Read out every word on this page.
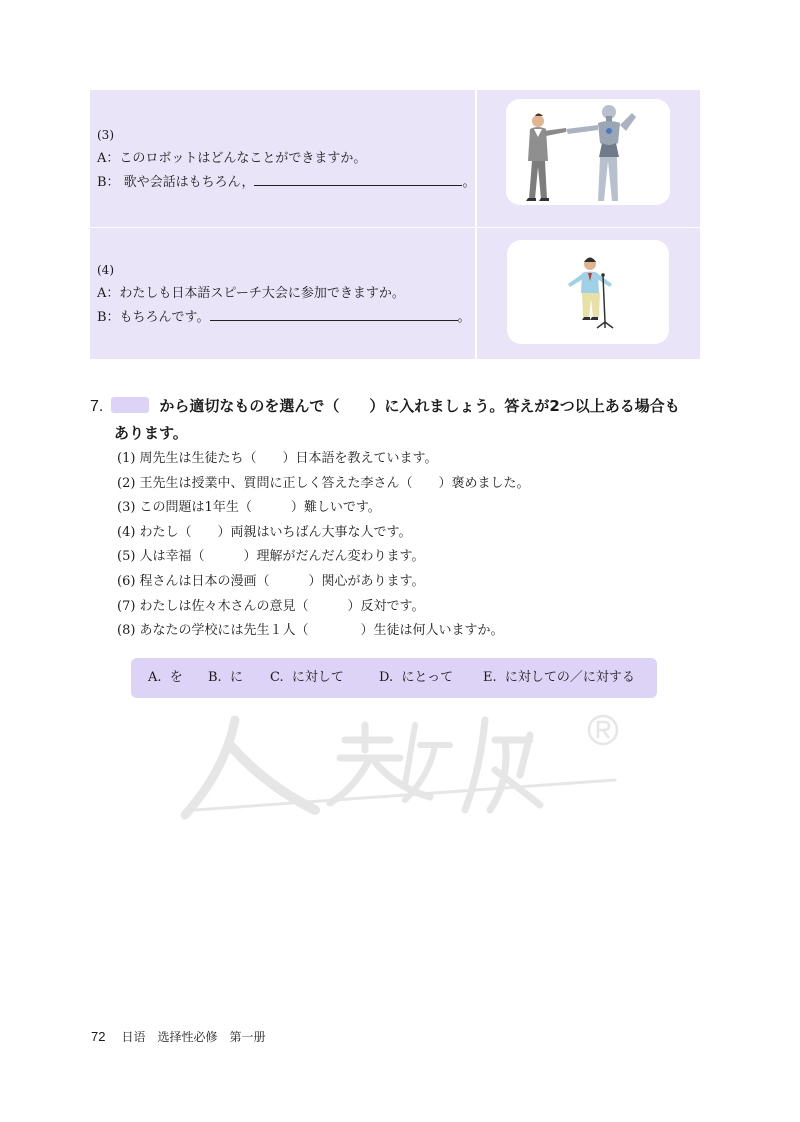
(3)
A：このロボットはどんなことができますか。
B： 歌や会話はもちろん，	。
(4)
A：わたしも日本語スピーチ大会に参加できますか。
B：もちろんです。	。
7.	から適切なものを選んで（　　）に入れましょう。答えが2つ以上ある場合も
あります。
(1) 周先生は生徒たち（　　）日本語を教えています。
(2) 王先生は授業中、質問に正しく答えた李さん（　　）褒めました。
(3) この問題は1年生（　　　）難しいです。
(4) わたし（　　）両親はいちばん大事な人です。
(5) 人は幸福（　　　）理解がだんだん変わります。
(6) 程さんは日本の漫画（　　　）関心があります。
(7) わたしは佐々木さんの意見（　　　）反対です。
(8) あなたの学校には先生１人（　　　　）生徒は何人いますか。
A.  を B.  に C.  に対して	D.  にとって E.  に対しての／に対する
72 日语　选择性必修　第一册
